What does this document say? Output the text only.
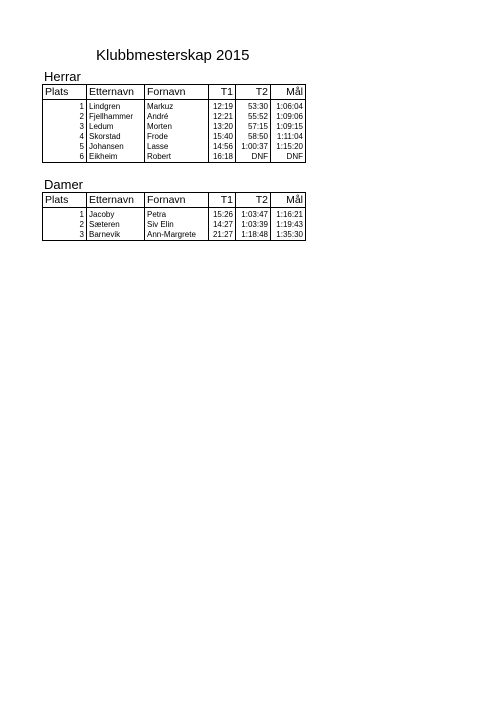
Klubbmesterskap 2015
Herrar
Plats	Etternavn	Fornavn	T1	T2	Mål
1	Lindgren	Markuz	12:19	53:30	1:06:04
2	Fjellhammer	André	12:21	55:52	1:09:06
3	Ledum	Morten	13:20	57:15	1:09:15
4	Skorstad	Frode	15:40	58:50	1:11:04
5	Johansen	Lasse	14:56	1:00:37	1:15:20
6	Eikheim	Robert	16:18	DNF	DNF
Damer
Plats	Etternavn	Fornavn	T1	T2	Mål
1	Jacoby	Petra	15:26	1:03:47	1:16:21
2	Sæteren	Siv Elin	14:27	1:03:39	1:19:43
3	Barnevik	Ann-Margrete	21:27	1:18:48	1:35:30
